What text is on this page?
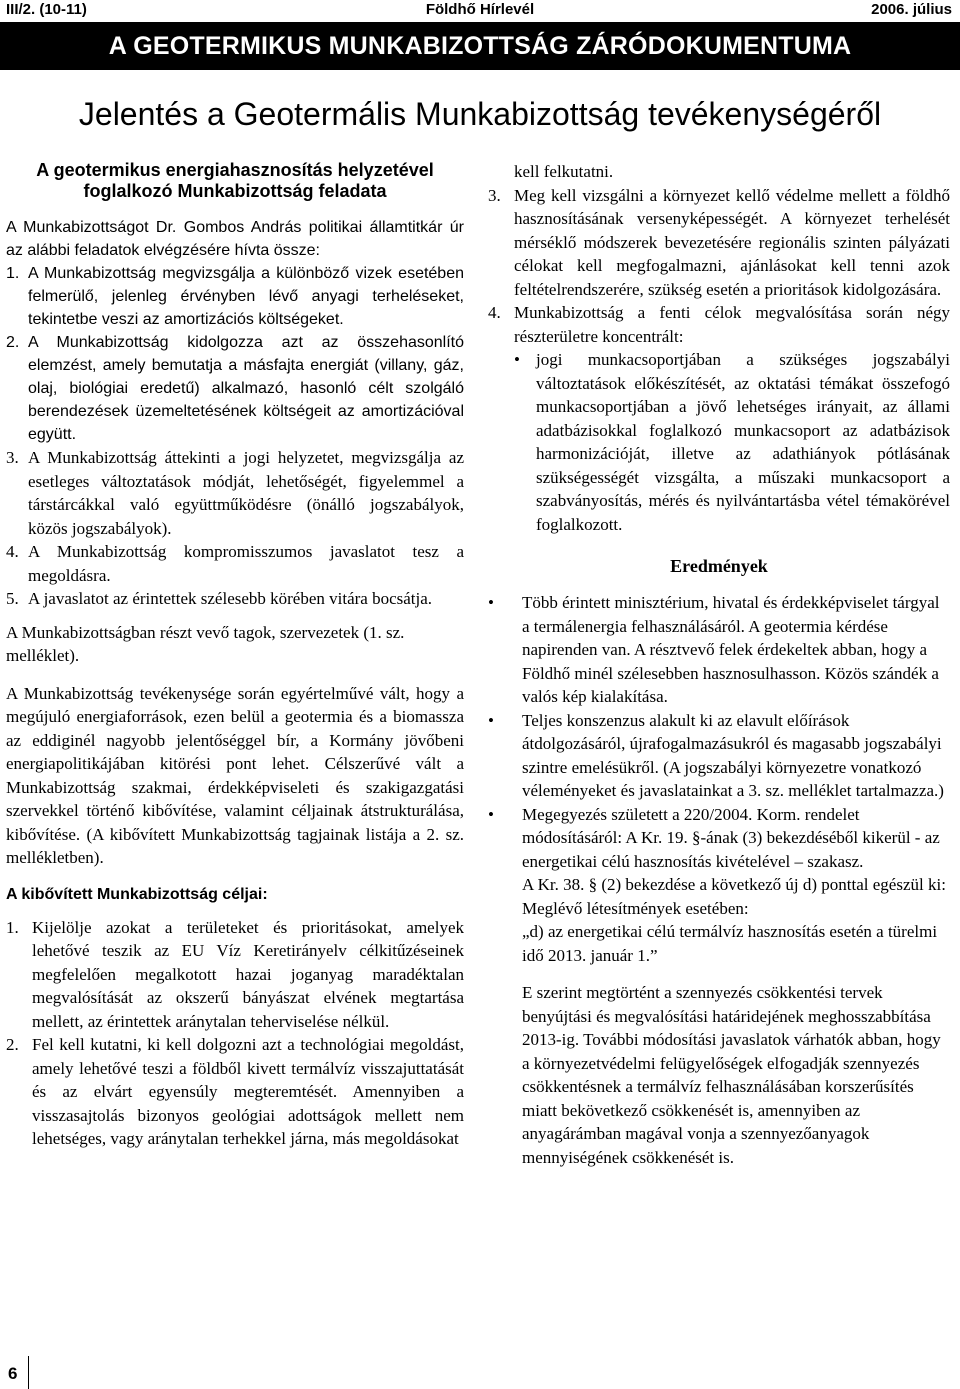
III/2. (10-11)	Földhő Hírlevél	2006. július
A GEOTERMIKUS MUNKABIZOTTSÁG ZÁRÓDOKUMENTUMA
Jelentés a Geotermális Munkabizottság tevékenységéről
A geotermikus energiahasznosítás helyzetével
foglalkozó Munkabizottság feladata

A Munkabizottságot Dr. Gombos András politikai államtitkár úr az alábbi feladatok elvégzésére hívta össze:

1. A Munkabizottság megvizsgálja a különböző vizek esetében felmerülő, jelenleg érvényben lévő anyagi terheléseket, tekintetbe veszi az amortizációs költségeket.
2. A Munkabizottság kidolgozza azt az összehasonlító elemzést, amely bemutatja a másfajta energiát (villany, gáz, olaj, biológiai eredetű) alkalmazó, hasonló célt szolgáló berendezések üzemeltetésének költségeit az amortizációval együtt.
3. A Munkabizottság áttekinti a jogi helyzetet, megvizsgálja az esetleges változtatások módját, lehetőségét, figyelemmel a társtárcákkal való együttműködésre (önálló jogszabályok, közös jogszabályok).
4. A Munkabizottság kompromisszumos javaslatot tesz a megoldásra.
5. A javaslatot az érintettek szélesebb körében vitára bocsátja.

A Munkabizottságban részt vevő tagok, szervezetek (1. sz. melléklet).

A Munkabizottság tevékenysége során egyértelművé vált, hogy a megújuló energiaforrások, ezen belül a geotermia és a biomassza az eddiginél nagyobb jelentőséggel bír, a Kormány jövőbeni energiapolitikájában kitörési pont lehet. Célszerűvé vált a Munkabizottság szakmai, érdekképviseleti és szakigazgatási szervekkel történő kibővítése, valamint céljainak átstrukturálása, kibővítése. (A kibővített Munkabizottság tagjainak listája a 2. sz. mellékletben).

A kibővített Munkabizottság céljai:

1. Kijelölje azokat a területeket és prioritásokat, amelyek lehetővé teszik az EU Víz Keretirányelv célkitűzéseinek megfelelően megalkotott hazai joganyag maradéktalan megvalósítását az okszerű bányászat elvének megtartása mellett, az érintettek aránytalan teherviselése nélkül.
2. Fel kell kutatni, ki kell dolgozni azt a technológiai megoldást, amely lehetővé teszi a földből kivett termálvíz visszajuttatását és az elvárt egyensúly megteremtését. Amennyiben a visszasajtolás bizonyos geológiai adottságok mellett nem lehetséges, vagy aránytalan terhekkel járna, más megoldásokat

kell felkutatni.

3. Meg kell vizsgálni a környezet kellő védelme mellett a földhő hasznosításának versenyképességét. A környezet terhelését mérséklő módszerek bevezetésére regionális szinten pályázati célokat kell megfogalmazni, ajánlásokat kell tenni azok feltételrendszerére, szükség esetén a prioritások kidolgozására.
4. Munkabizottság a fenti célok megvalósítása során négy részterületre koncentrált:
• jogi munkacsoportjában a szükséges jogszabályi változtatások előkészítését, az oktatási témákat összefogó munkacsoportjában a jövő lehetséges irányait, az állami adatbázisokkal foglalkozó munkacsoport az adatbázisok harmonizációját, illetve az adathiányok pótlásának szükségességét vizsgálta, a műszaki munkacsoport a szabványosítás, mérés és nyilvántartásba vétel témakörével foglalkozott.

Eredmények

•	Több érintett minisztérium, hivatal és érdekképviselet tárgyal a termálenergia felhasználásáról. A geotermia kérdése napirenden van. A résztvevő felek érdekeltek abban, hogy a Földhő minél szélesebben hasznosulhasson. Közös szándék a valós kép kialakítása.
•	Teljes konszenzus alakult ki az elavult előírások átdolgozásáról, újrafogalmazásukról és magasabb jogszabályi szintre emelésükről. (A jogszabályi környezetre vonatkozó véleményeket és javaslatainkat a 3. sz. melléklet tartalmazza.)
•	Megegyezés született a 220/2004. Korm. rendelet módosításáról: A Kr. 19. §-ának (3) bekezdéséből kikerül - az energetikai célú hasznosítás kivételével – szakasz.
A Kr. 38. § (2) bekezdése a következő új d) ponttal egészül ki:
Meglévő létesítmények esetében:
„d) az energetikai célú termálvíz hasznosítás esetén a türelmi idő 2013. január 1.”

E szerint megtörtént a szennyezés csökkentési tervek benyújtási és megvalósítási határidejének meghosszabbítása 2013-ig. További módosítási javaslatok várhatók abban, hogy a környezetvédelmi felügyelőségek elfogadják szennyezés csökkentésnek a termálvíz felhasználásában korszerűsítés miatt bekövetkező csökkenését is, amennyiben az anyagárámban magával vonja a szennyezőanyagok mennyiségének csökkenését is.

6
